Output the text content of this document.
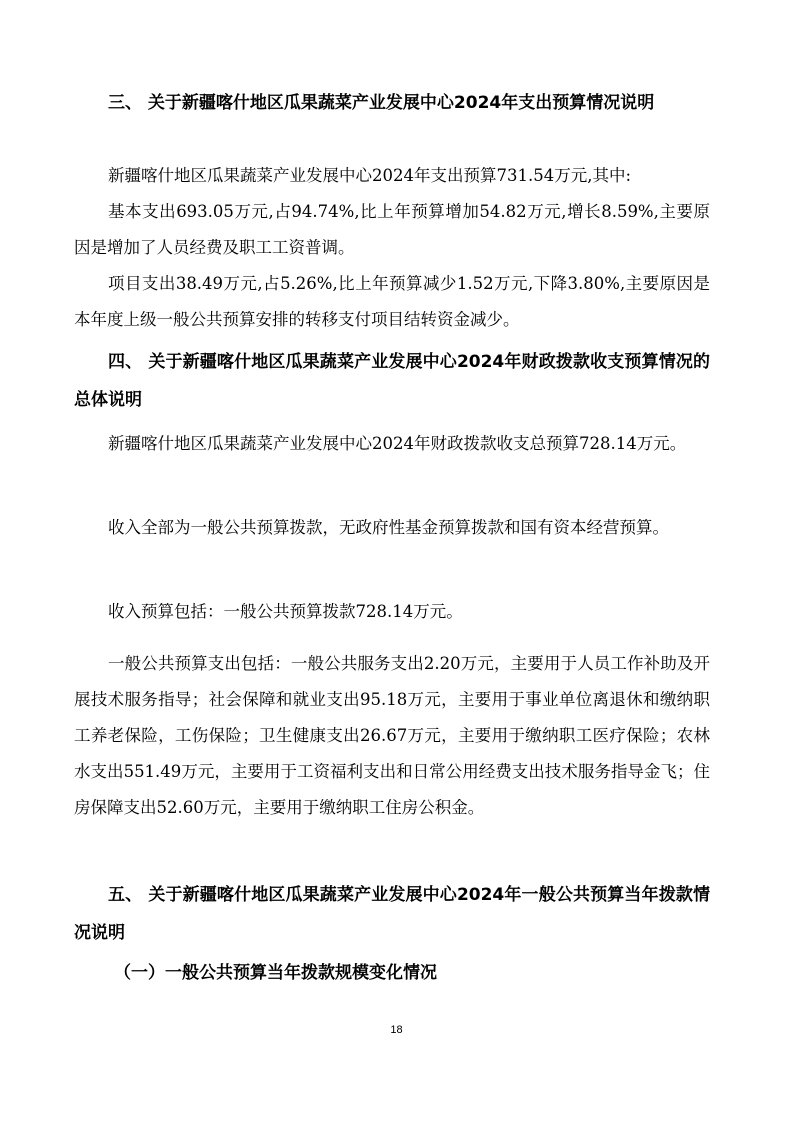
三、 关于新疆喀什地区瓜果蔬菜产业发展中心2024年支出预算情况说明

新疆喀什地区瓜果蔬菜产业发展中心2024年支出预算731.54万元,其中:

基本支出693.05万元,占94.74%,比上年预算增加54.82万元,增长8.59%,主要原因是增加了人员经费及职工工资普调。

项目支出38.49万元,占5.26%,比上年预算减少1.52万元,下降3.80%,主要原因是本年度上级一般公共预算安排的转移支付项目结转资金减少。

四、 关于新疆喀什地区瓜果蔬菜产业发展中心2024年财政拨款收支预算情况的总体说明

新疆喀什地区瓜果蔬菜产业发展中心2024年财政拨款收支总预算728.14万元。

收入全部为一般公共预算拨款，无政府性基金预算拨款和国有资本经营预算。

收入预算包括：一般公共预算拨款728.14万元。

一般公共预算支出包括：一般公共服务支出2.20万元，主要用于人员工作补助及开展技术服务指导；社会保障和就业支出95.18万元，主要用于事业单位离退休和缴纳职工养老保险，工伤保险；卫生健康支出26.67万元，主要用于缴纳职工医疗保险；农林水支出551.49万元，主要用于工资福利支出和日常公用经费支出技术服务指导金飞；住房保障支出52.60万元，主要用于缴纳职工住房公积金。

五、 关于新疆喀什地区瓜果蔬菜产业发展中心2024年一般公共预算当年拨款情况说明

（一）一般公共预算当年拨款规模变化情况

18
